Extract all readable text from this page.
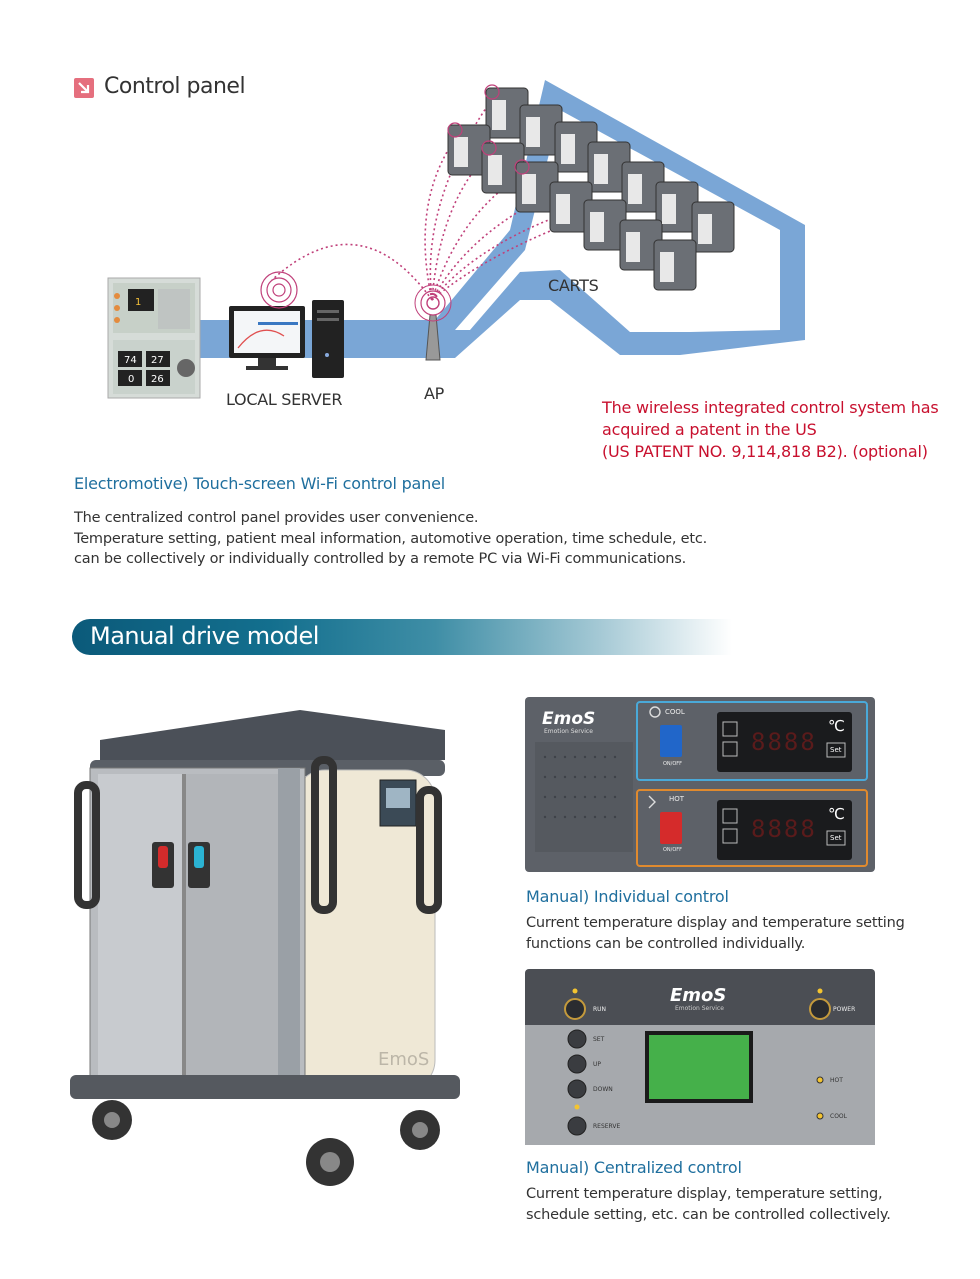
Control panel
1
74 27
0 26
CARTS
LOCAL SERVER	AP
The wireless integrated control system has
acquired a patent in the US
(US PATENT NO. 9,114,818 B2). (optional)
Electromotive) Touch-screen Wi-Fi control panel
The centralized control panel provides user convenience.
Temperature setting, patient meal information, automotive operation, time schedule, etc.
can be collectively or individually controlled by a remote PC via Wi-Fi communications.
Manual drive model
EmoS
EmoS
Emotion Service
COOL
HOT
ON/OFF
ON/OFF
8888
8888
℃
℃
Set
Set
Manual) Individual control
Current temperature display and temperature setting
functions can be controlled individually.
EmoS
Emotion Service
RUN	POWER
SET
UP
DOWN
RESERVE
HOT
COOL
Manual) Centralized control
Current temperature display, temperature setting,
schedule setting, etc. can be controlled collectively.
